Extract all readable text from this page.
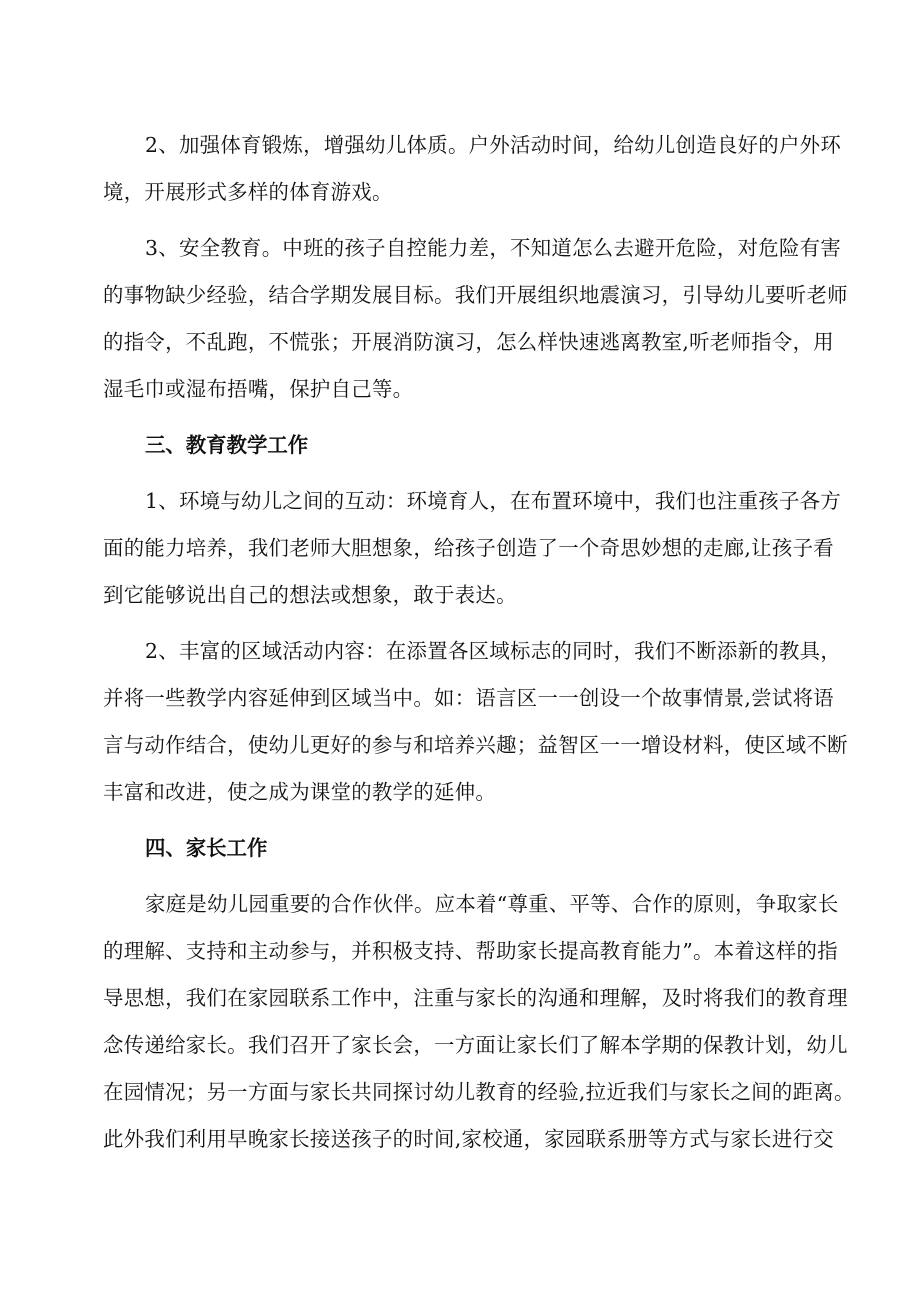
2、加强体育锻炼，增强幼儿体质。户外活动时间，给幼儿创造良好的户外环
境，开展形式多样的体育游戏。

3、安全教育。中班的孩子自控能力差，不知道怎么去避开危险，对危险有害
的事物缺少经验，结合学期发展目标。我们开展组织地震演习，引导幼儿要听老师
的指令，不乱跑，不慌张；开展消防演习，怎么样快速逃离教室,听老师指令，用
湿毛巾或湿布捂嘴，保护自己等。

三、教育教学工作

1、环境与幼儿之间的互动：环境育人，在布置环境中，我们也注重孩子各方
面的能力培养，我们老师大胆想象，给孩子创造了一个奇思妙想的走廊,让孩子看
到它能够说出自己的想法或想象，敢于表达。

2、丰富的区域活动内容：在添置各区域标志的同时，我们不断添新的教具，
并将一些教学内容延伸到区域当中。如：语言区一一创设一个故事情景,尝试将语
言与动作结合，使幼儿更好的参与和培养兴趣；益智区一一增设材料，使区域不断
丰富和改进，使之成为课堂的教学的延伸。

四、家长工作

家庭是幼儿园重要的合作伙伴。应本着“尊重、平等、合作的原则，争取家长
的理解、支持和主动参与，并积极支持、帮助家长提高教育能力”。本着这样的指
导思想，我们在家园联系工作中，注重与家长的沟通和理解，及时将我们的教育理
念传递给家长。我们召开了家长会，一方面让家长们了解本学期的保教计划，幼儿
在园情况；另一方面与家长共同探讨幼儿教育的经验,拉近我们与家长之间的距离。
此外我们利用早晚家长接送孩子的时间,家校通，家园联系册等方式与家长进行交
